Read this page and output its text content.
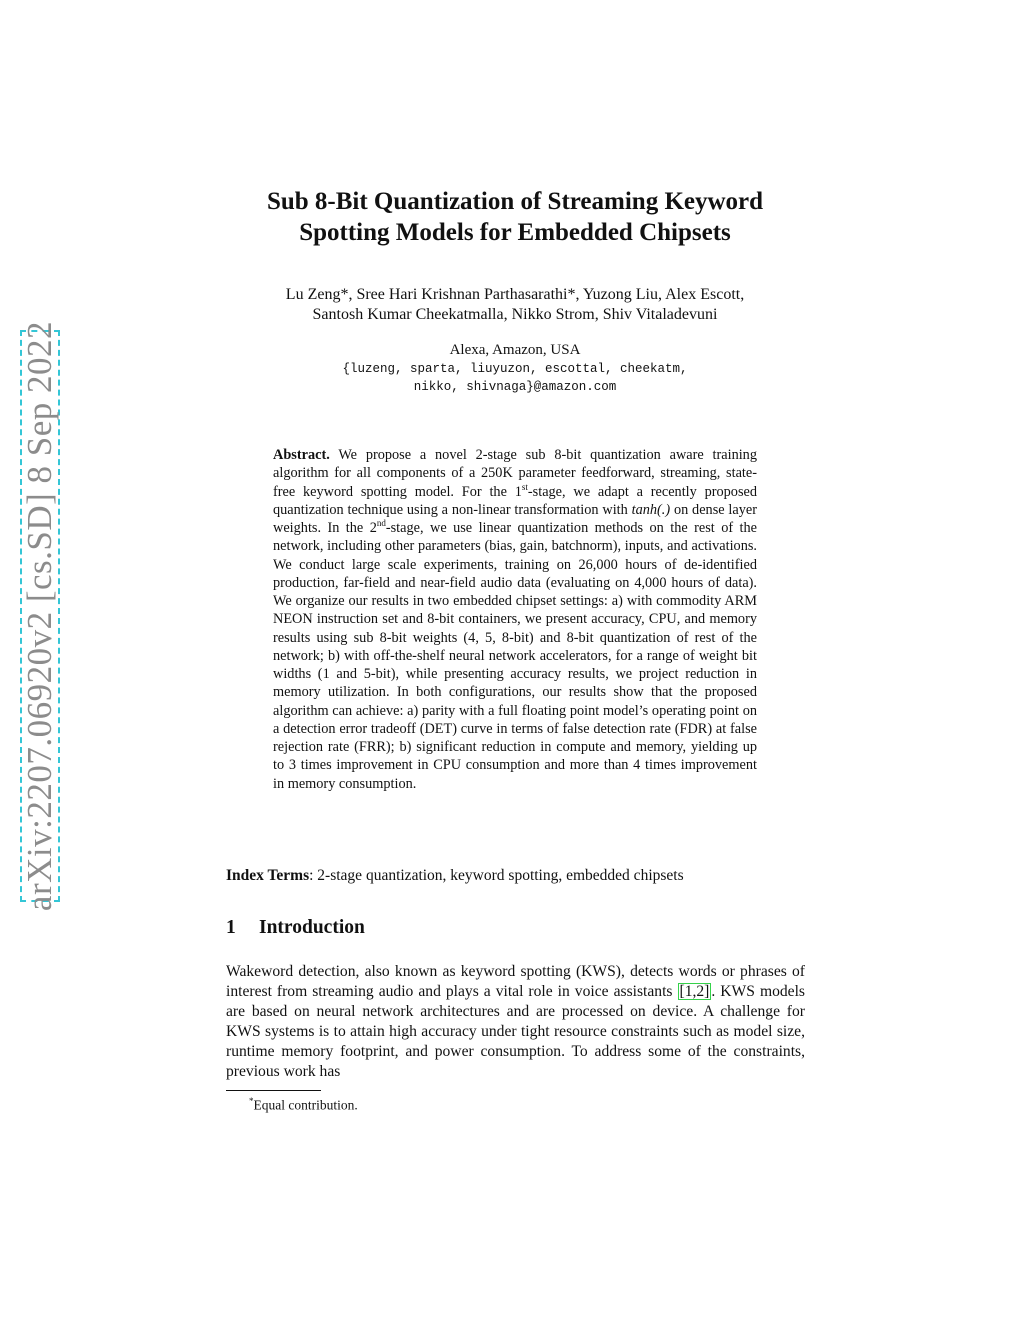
arXiv:2207.06920v2 [cs.SD] 8 Sep 2022
Sub 8-Bit Quantization of Streaming Keyword
Spotting Models for Embedded Chipsets
Lu Zeng*, Sree Hari Krishnan Parthasarathi*, Yuzong Liu, Alex Escott,
Santosh Kumar Cheekatmalla, Nikko Strom, Shiv Vitaladevuni
Alexa, Amazon, USA
{luzeng, sparta, liuyuzon, escottal, cheekatm,
nikko, shivnaga}@amazon.com
Abstract. We propose a novel 2-stage sub 8-bit quantization aware training algorithm for all components of a 250K parameter feedforward, streaming, state-free keyword spotting model. For the 1st-stage, we adapt a recently proposed quantization technique using a non-linear transformation with tanh(.) on dense layer weights. In the 2nd-stage, we use linear quantization methods on the rest of the network, including other parameters (bias, gain, batchnorm), inputs, and activations. We conduct large scale experiments, training on 26,000 hours of de-identified production, far-field and near-field audio data (evaluating on 4,000 hours of data). We organize our results in two embedded chipset settings: a) with commodity ARM NEON instruction set and 8-bit containers, we present accuracy, CPU, and memory results using sub 8-bit weights (4, 5, 8-bit) and 8-bit quantization of rest of the network; b) with off-the-shelf neural network accelerators, for a range of weight bit widths (1 and 5-bit), while presenting accuracy results, we project reduction in memory utilization. In both configurations, our results show that the proposed algorithm can achieve: a) parity with a full floating point model’s operating point on a detection error tradeoff (DET) curve in terms of false detection rate (FDR) at false rejection rate (FRR); b) significant reduction in compute and memory, yielding up to 3 times improvement in CPU consumption and more than 4 times improvement in memory consumption.
Index Terms: 2-stage quantization, keyword spotting, embedded chipsets
1 Introduction
Wakeword detection, also known as keyword spotting (KWS), detects words or phrases of interest from streaming audio and plays a vital role in voice assistants [1,2] . KWS models are based on neural network architectures and are processed on device. A challenge for KWS systems is to attain high accuracy under tight resource constraints such as model size, runtime memory footprint, and power consumption. To address some of the constraints, previous work has
*Equal contribution.
